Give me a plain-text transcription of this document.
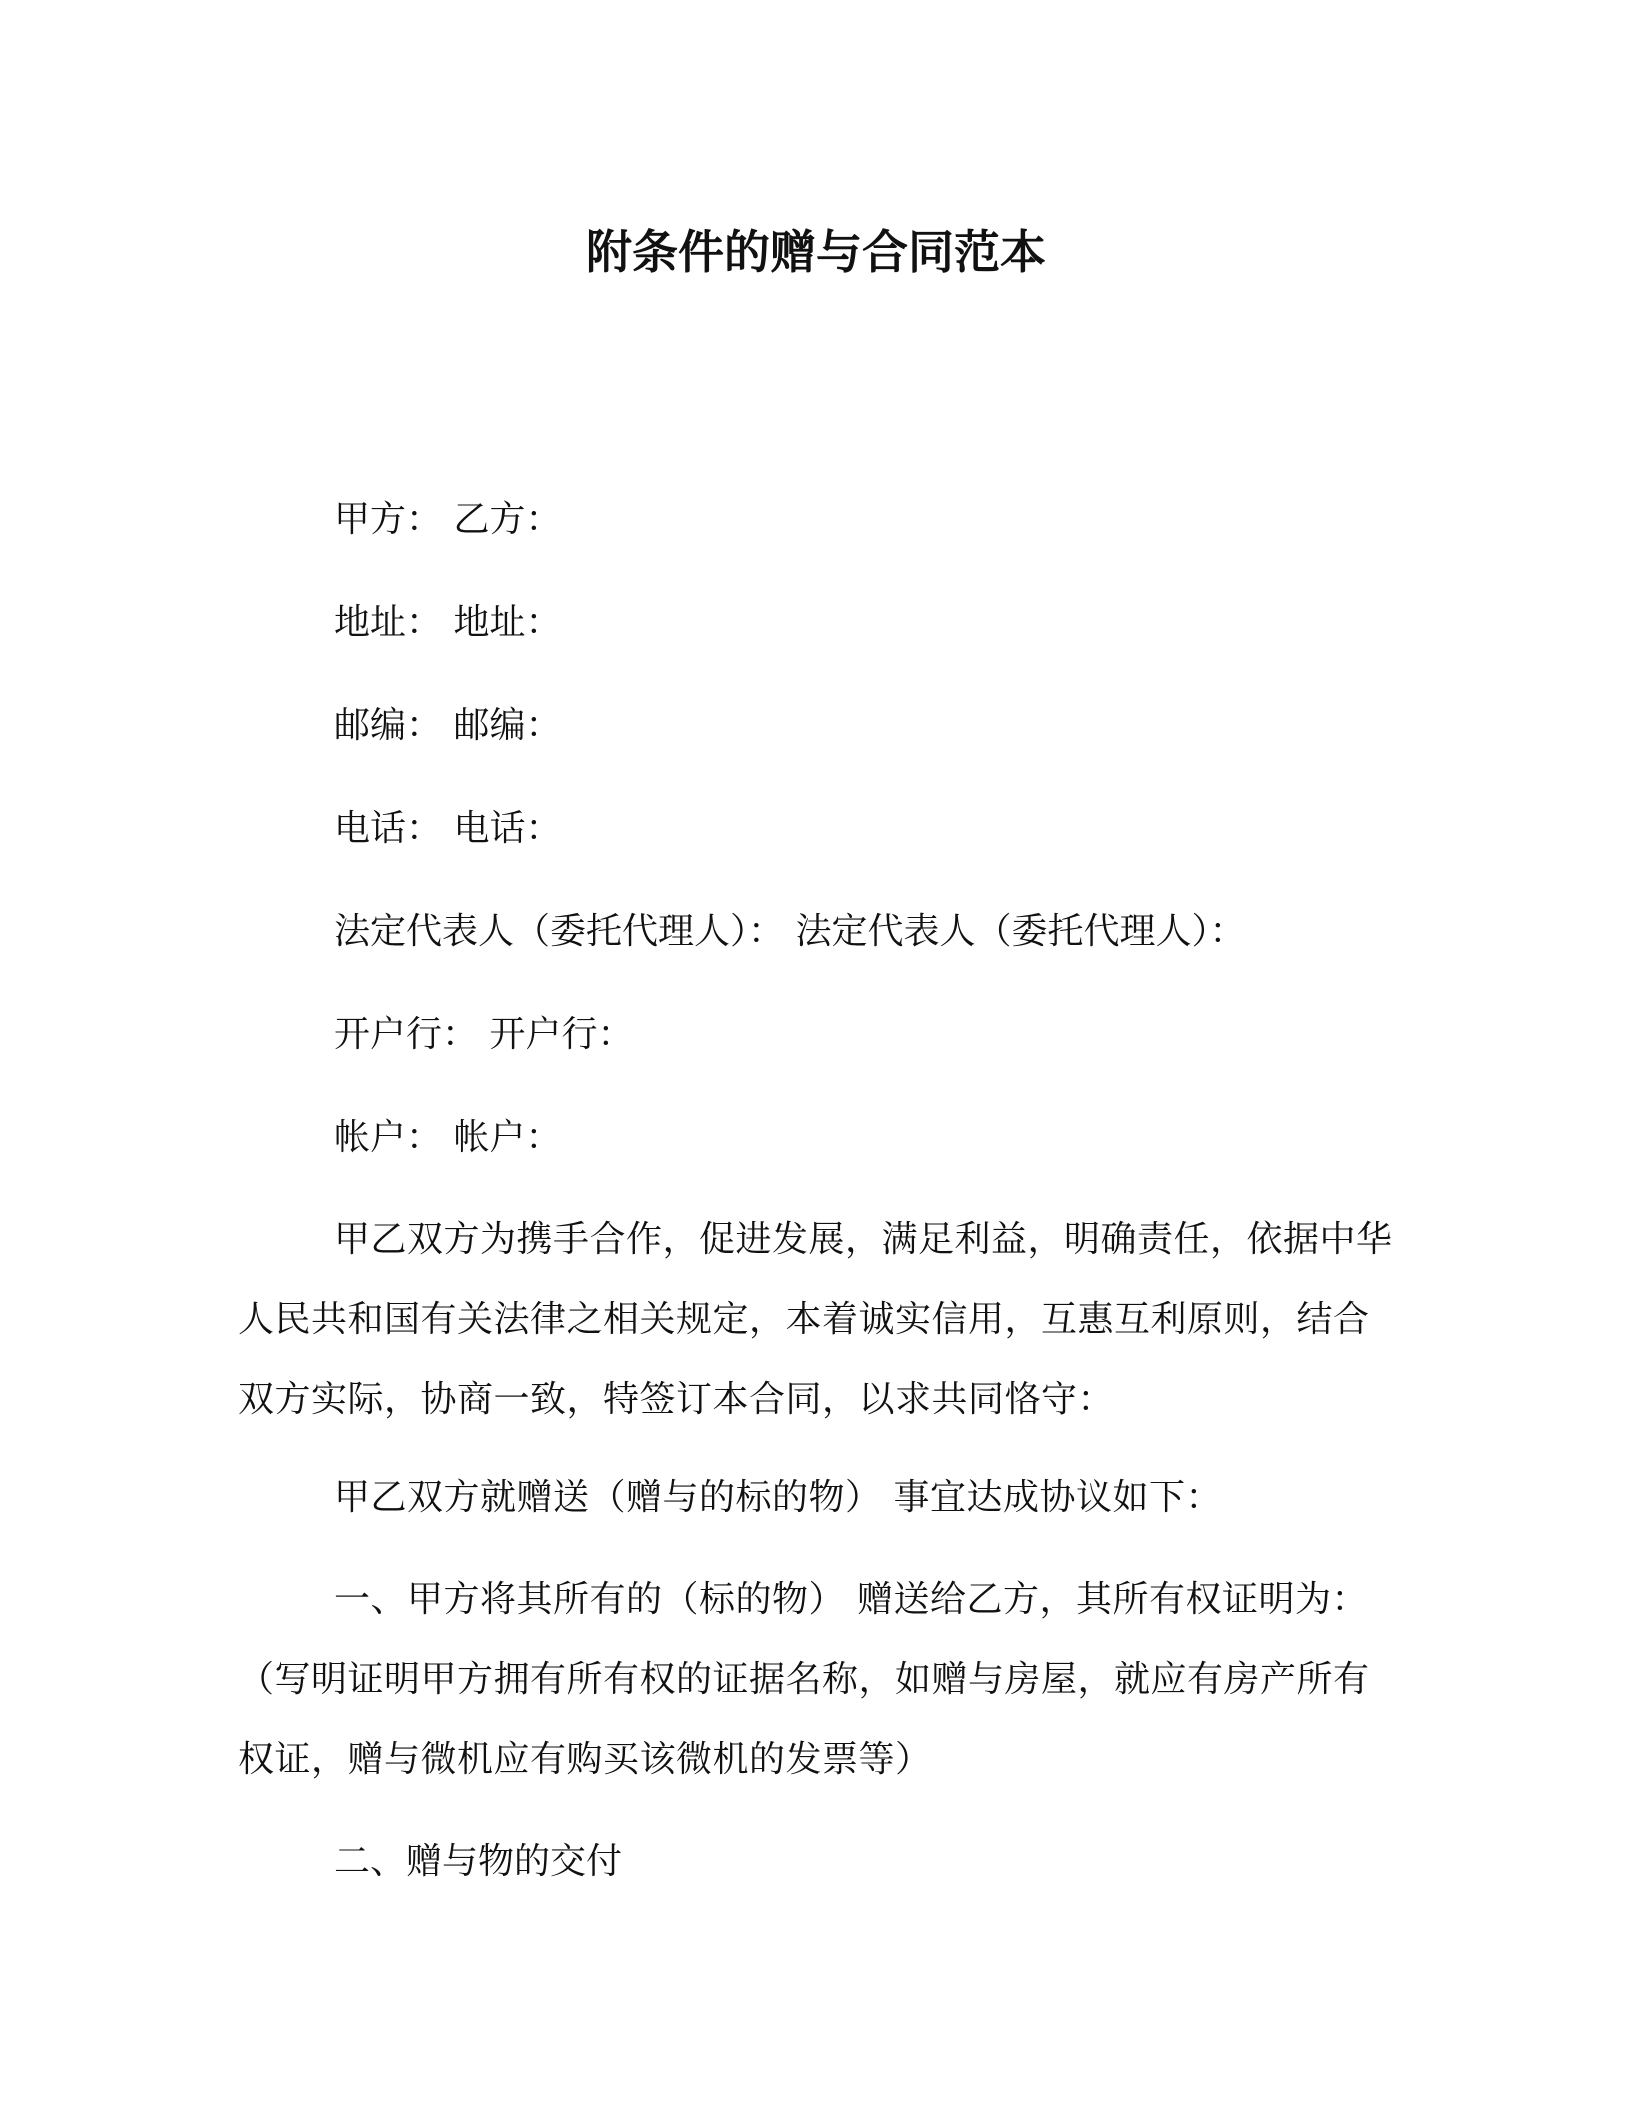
附条件的赠与合同范本
甲方： 乙方：
地址： 地址：
邮编： 邮编：
电话： 电话：
法定代表人（委托代理人）： 法定代表人（委托代理人）：
开户行： 开户行：
帐户： 帐户：
甲乙双方为携手合作，促进发展，满足利益，明确责任，依据中华人民共和国有关法律之相关规定，本着诚实信用，互惠互利原则，结合双方实际，协商一致，特签订本合同，以求共同恪守：
甲乙双方就赠送（赠与的标的物） 事宜达成协议如下：
一、甲方将其所有的（标的物） 赠送给乙方，其所有权证明为：（写明证明甲方拥有所有权的证据名称，如赠与房屋，就应有房产所有权证，赠与微机应有购买该微机的发票等）
二、赠与物的交付
